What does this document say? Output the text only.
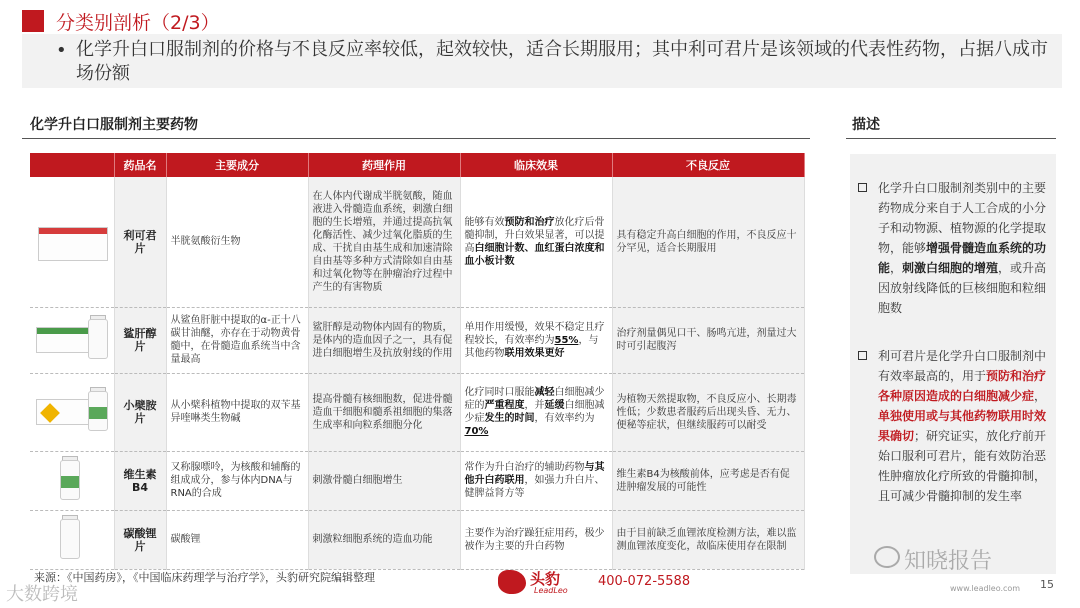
分类别剖析（2/3）
• 化学升白口服制剂的价格与不良反应率较低，起效较快，适合长期服用；其中利可君片是该领域的代表性药物，占据八成市场份额
化学升白口服制剂主要药物	描述
	药品名	主要成分	药理作用	临床效果	不良反应

	利可君片	半胱氨酸衍生物	在人体内代谢成半胱氨酸，随血液进入骨髓造血系统，刺激白细胞的生长增殖，并通过提高抗氧化酶活性、减少过氧化脂质的生成、干扰自由基生成和加速清除自由基等多种方式清除如自由基和过氧化物等在肿瘤治疗过程中产生的有害物质	能够有效预防和治疗放化疗后骨髓抑制，升白效果显著，可以提高白细胞计数、血红蛋白浓度和血小板计数	具有稳定升高白细胞的作用，不良反应十分罕见，适合长期服用

	鲨肝醇片	从鲨鱼肝脏中提取的α-正十八碳甘油醚，亦存在于动物黄骨髓中，在骨髓造血系统当中含量最高	鲨肝醇是动物体内固有的物质，是体内的造血因子之一，具有促进白细胞增生及抗放射线的作用	单用作用缓慢，效果不稳定且疗程较长，有效率约为55%，与其他药物联用效果更好	治疗剂量偶见口干、肠鸣亢进，剂量过大时可引起腹泻

	小檗胺片	从小檗科植物中提取的双苄基异喹啉类生物碱	提高骨髓有核细胞数，促进骨髓造血干细胞和髓系祖细胞的集落生成率和向粒系细胞分化	化疗同时口服能减轻白细胞减少症的严重程度，并延缓白细胞减少症发生的时间，有效率约为70%	为植物天然提取物，不良反应小、长期毒性低；少数患者服药后出现头昏、无力、便秘等症状，但继续服药可以耐受

	维生素B4	又称腺嘌呤，为核酸和辅酶的组成成分，参与体内DNA与RNA的合成	刺激骨髓白细胞增生	常作为升白治疗的辅助药物与其他升白药联用，如强力升白片、健脾益肾方等	维生素B4为核酸前体，应考虑是否有促进肿瘤发展的可能性

	碳酸锂片	碳酸锂	刺激粒细胞系统的造血功能	主要作为治疗躁狂症用药，极少被作为主要的升白药物	由于目前缺乏血锂浓度检测方法，难以监测血锂浓度变化，故临床使用存在限制
化学升白口服制剂类别中的主要药物成分来自于人工合成的小分子和动物源、植物源的化学提取物，能够增强骨髓造血系统的功能，刺激白细胞的增殖，或升高因放射线降低的巨核细胞和粒细胞数
利可君片是化学升白口服制剂中有效率最高的，用于预防和治疗各种原因造成的白细胞减少症，单独使用或与其他药物联用时效果确切；研究证实，放化疗前开始口服利可君片，能有效防治恶性肿瘤放化疗所致的骨髓抑制，且可减少骨髓抑制的发生率
来源：《中国药房》，《中国临床药理学与治疗学》，头豹研究院编辑整理	头豹
LeadLeo
400-072-5588	www.leadleo.com 15
知晓报告
大数跨境
